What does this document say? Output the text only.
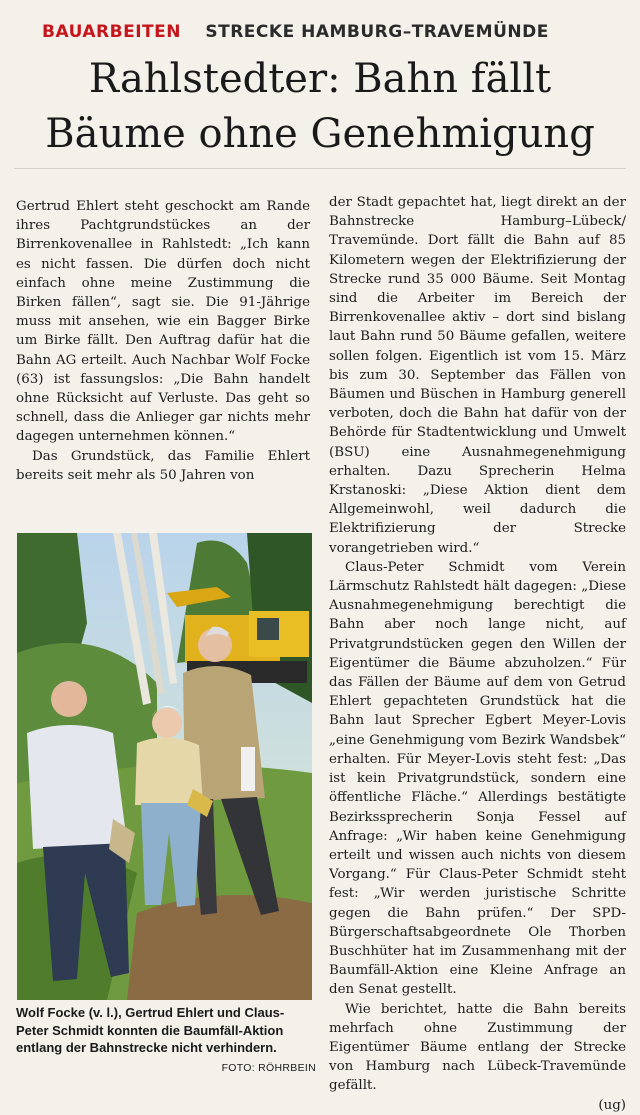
BAUARBEITEN STRECKE HAMBURG–TRAVEMÜNDE
Rahlstedter: Bahn fällt
Bäume ohne Genehmigung

Gertrud Ehlert steht geschockt am Rande ihres Pachtgrundstückes an der Birrenkovenallee in Rahlstedt: „Ich kann es nicht fassen. Die dürfen doch nicht einfach ohne meine Zustimmung die Birken fällen“, sagt sie. Die 91-Jährige muss mit ansehen, wie ein Bagger Birke um Birke fällt. Den Auftrag dafür hat die Bahn AG erteilt. Auch Nachbar Wolf Focke (63) ist fassungslos: „Die Bahn handelt ohne Rücksicht auf Verluste. Das geht so schnell, dass die Anlieger gar nichts mehr dagegen unternehmen können.“

Das Grundstück, das Familie Ehlert bereits seit mehr als 50 Jahren von

Wolf Focke (v. l.), Gertrud Ehlert und Claus-Peter Schmidt konnten die Baumfäll-Aktion entlang der Bahnstrecke nicht verhindern.
FOTO: RÖHRBEIN

der Stadt gepachtet hat, liegt direkt an der Bahnstrecke Hamburg–Lübeck/ Travemünde. Dort fällt die Bahn auf 85 Kilometern wegen der Elektrifizierung der Strecke rund 35 000 Bäume. Seit Montag sind die Arbeiter im Bereich der Birrenkovenallee aktiv – dort sind bislang laut Bahn rund 50 Bäume gefallen, weitere sollen folgen. Eigentlich ist vom 15. März bis zum 30. September das Fällen von Bäumen und Büschen in Hamburg generell verboten, doch die Bahn hat dafür von der Behörde für Stadtentwicklung und Umwelt (BSU) eine Ausnahmegenehmigung erhalten. Dazu Sprecherin Helma Krstanoski: „Diese Aktion dient dem Allgemeinwohl, weil dadurch die Elektrifizierung der Strecke vorangetrieben wird.“

Claus-Peter Schmidt vom Verein Lärmschutz Rahlstedt hält dagegen: „Diese Ausnahmegenehmigung berechtigt die Bahn aber noch lange nicht, auf Privatgrundstücken gegen den Willen der Eigentümer die Bäume abzuholzen.“ Für das Fällen der Bäume auf dem von Getrud Ehlert gepachteten Grundstück hat die Bahn laut Sprecher Egbert Meyer-Lovis „eine Genehmigung vom Bezirk Wandsbek“ erhalten. Für Meyer-Lovis steht fest: „Das ist kein Privatgrundstück, sondern eine öffentliche Fläche.“ Allerdings bestätigte Bezirkssprecherin Sonja Fessel auf Anfrage: „Wir haben keine Genehmigung erteilt und wissen auch nichts von diesem Vorgang.“ Für Claus-Peter Schmidt steht fest: „Wir werden juristische Schritte gegen die Bahn prüfen.“ Der SPD-Bürgerschaftsabgeordnete Ole Thorben Buschhüter hat im Zusammenhang mit der Baumfäll-Aktion eine Kleine Anfrage an den Senat gestellt.

Wie berichtet, hatte die Bahn bereits mehrfach ohne Zustimmung der Eigentümer Bäume entlang der Strecke von Hamburg nach Lübeck-Travemünde gefällt.

(ug)
